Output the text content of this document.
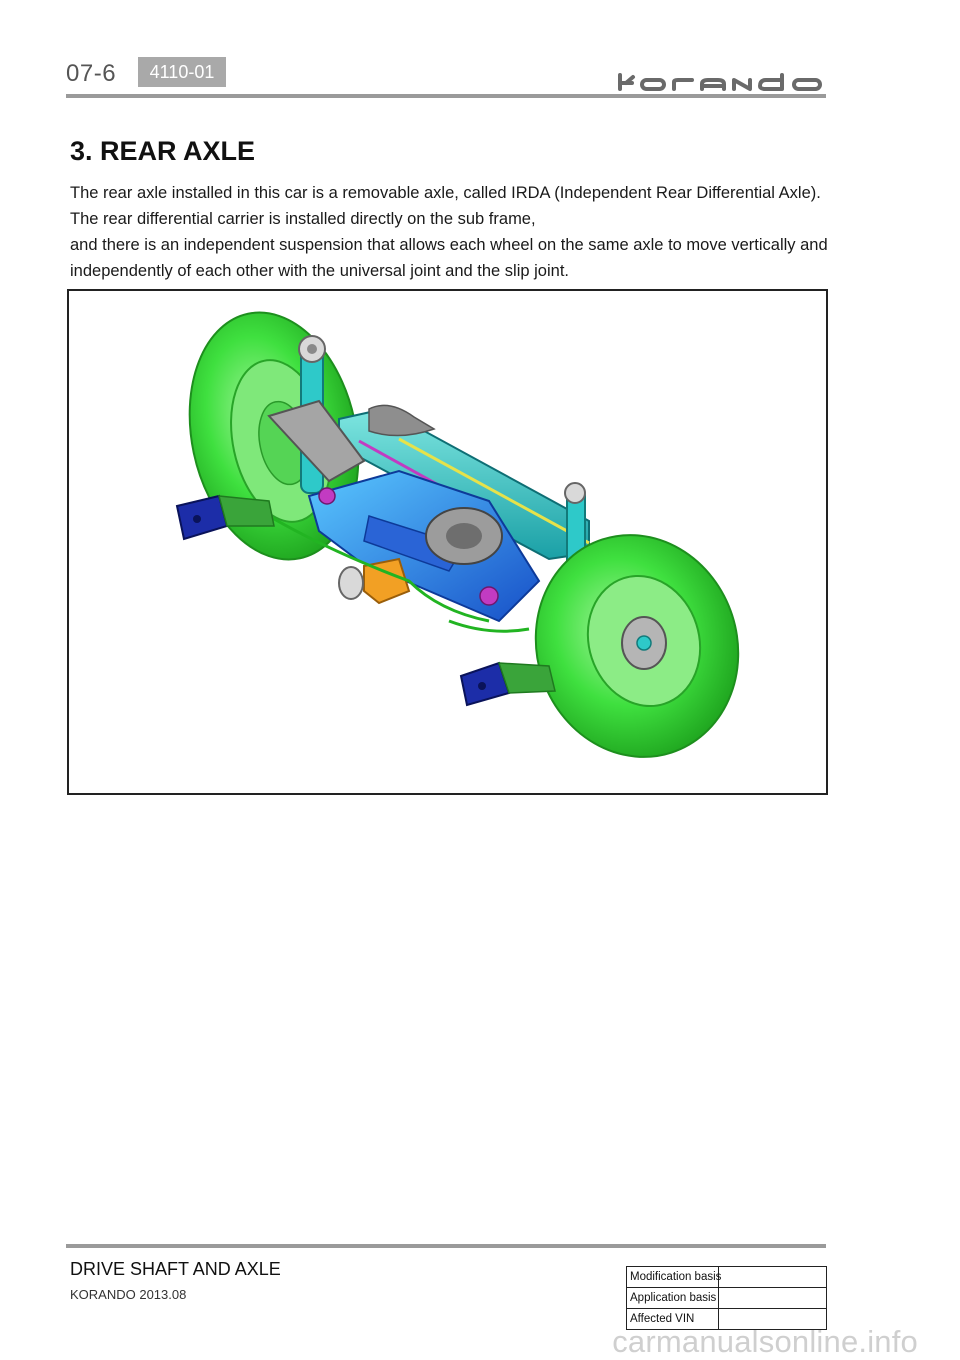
07-6	4110-01
3. REAR AXLE

The rear axle installed in this car is a removable axle, called IRDA (Independent Rear Differential Axle).

The rear differential carrier is installed directly on the sub frame,

and there is an independent suspension that allows each wheel on the same axle to move vertically and

independently of each other with the universal joint and the slip joint.

DRIVE SHAFT AND AXLE
KORANDO 2013.08
Modification basis	
Application basis	
Affected VIN	
carmanualsonline.info
